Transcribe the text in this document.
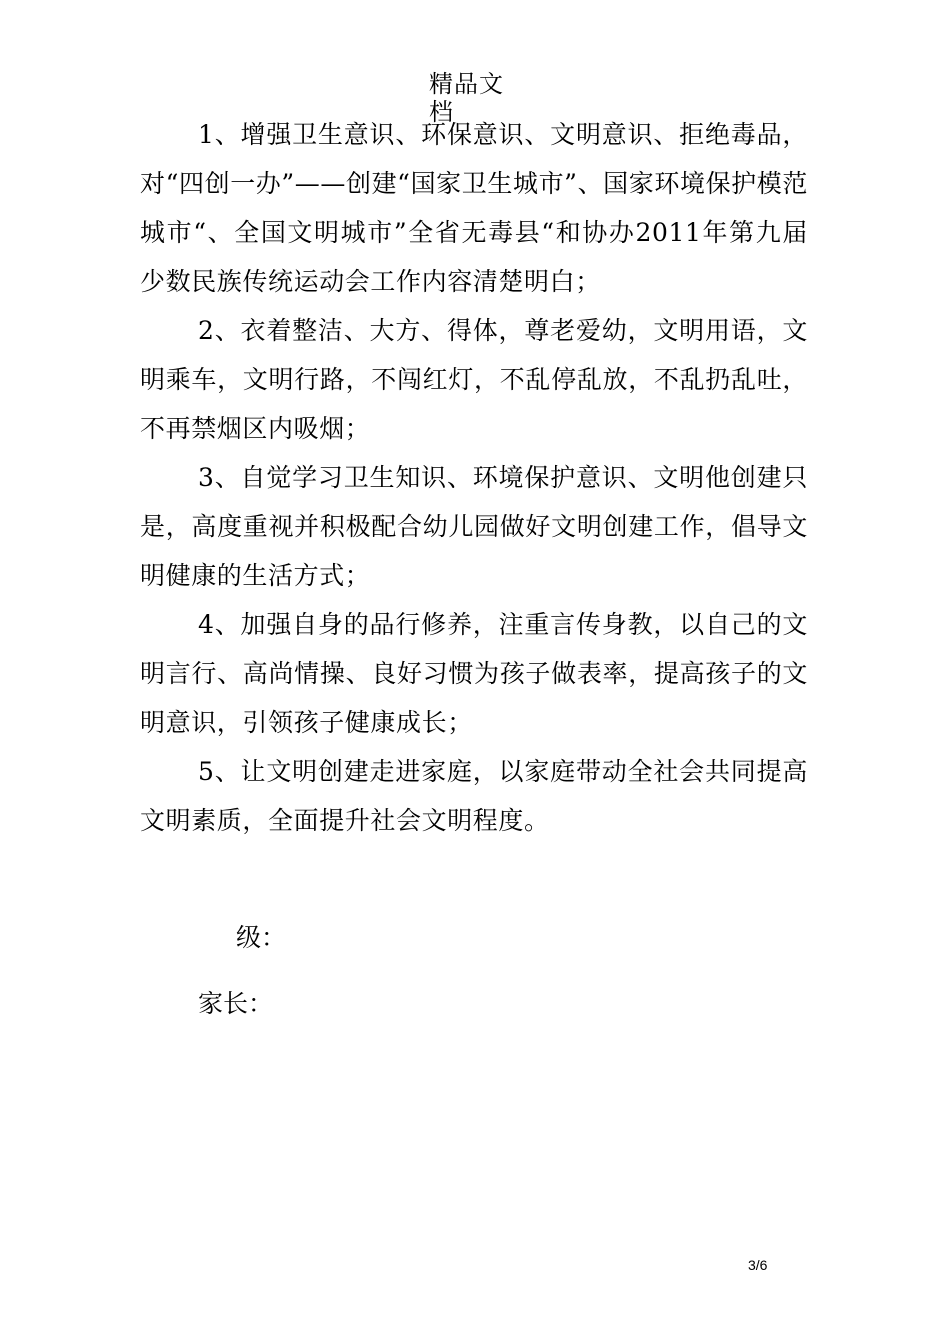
精品文档

1、增强卫生意识、环保意识、文明意识、拒绝毒品，对“四创一办”——创建“国家卫生城市”、国家环境保护模范城市“、全国文明城市”全省无毒县“和协办2011年第九届少数民族传统运动会工作内容清楚明白；

2、衣着整洁、大方、得体，尊老爱幼，文明用语，文明乘车，文明行路，不闯红灯，不乱停乱放，不乱扔乱吐，不再禁烟区内吸烟；

3、自觉学习卫生知识、环境保护意识、文明他创建只是，高度重视并积极配合幼儿园做好文明创建工作，倡导文明健康的生活方式；

4、加强自身的品行修养，注重言传身教，以自己的文明言行、高尚情操、良好习惯为孩子做表率，提高孩子的文明意识，引领孩子健康成长；

5、让文明创建走进家庭，以家庭带动全社会共同提高文明素质，全面提升社会文明程度。

级：
家长：
3/6
